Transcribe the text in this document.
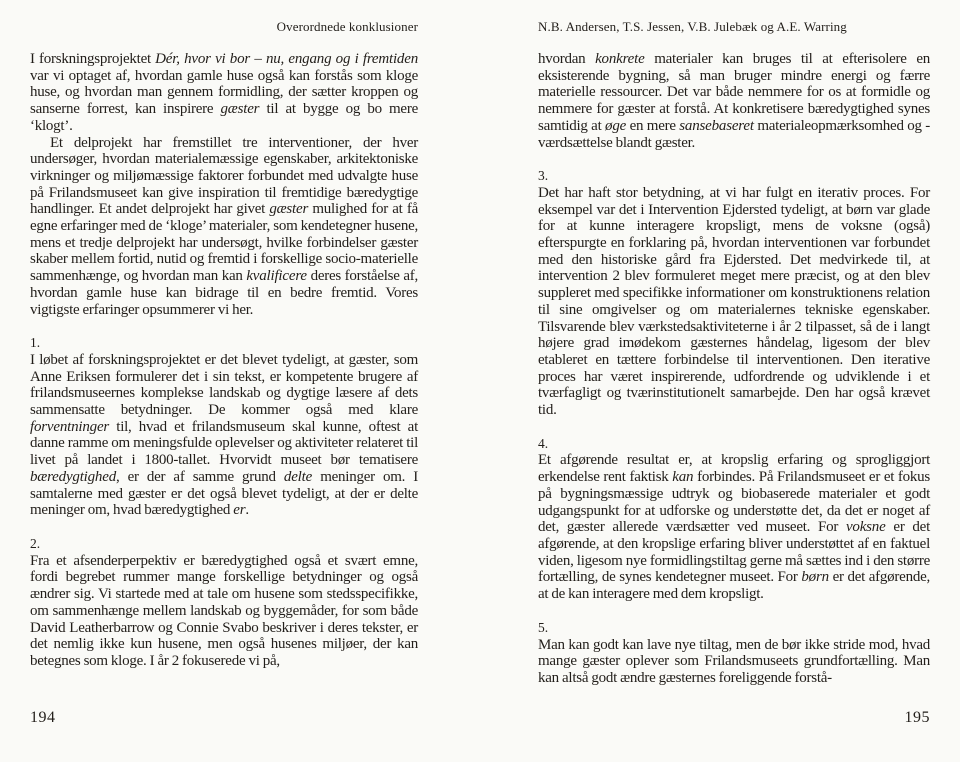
Overordnede konklusioner	N.B. Andersen, T.S. Jessen, V.B. Julebæk og A.E. Warring

I forskningsprojektet Dér, hvor vi bor – nu, engang og i fremtiden var vi optaget af, hvordan gamle huse også kan forstås som kloge huse, og hvordan man gennem formidling, der sætter kroppen og sanserne forrest, kan inspirere gæster til at bygge og bo mere ‘klogt’.

Et delprojekt har fremstillet tre interventioner, der hver undersøger, hvordan materialemæssige egenskaber, arkitektoniske virkninger og miljømæssige faktorer forbundet med udvalgte huse på Frilandsmuseet kan give inspiration til fremtidige bæredygtige handlinger. Et andet delprojekt har givet gæster mulighed for at få egne erfaringer med de ‘kloge’ materialer, som kendetegner husene, mens et tredje delprojekt har undersøgt, hvilke forbindelser gæster skaber mellem fortid, nutid og fremtid i forskellige socio-materielle sammenhænge, og hvordan man kan kvalificere deres forståelse af, hvordan gamle huse kan bidrage til en bedre fremtid. Vores vigtigste erfaringer opsummerer vi her.

1.

I løbet af forskningsprojektet er det blevet tydeligt, at gæster, som Anne Eriksen formulerer det i sin tekst, er kompetente brugere af frilandsmuseernes komplekse landskab og dygtige læsere af dets sammensatte betydninger. De kommer også med klare forventninger til, hvad et frilandsmuseum skal kunne, oftest at danne ramme om meningsfulde oplevelser og aktiviteter relateret til livet på landet i 1800-tallet. Hvorvidt museet bør tematisere bæredygtighed, er der af samme grund delte meninger om. I samtalerne med gæster er det også blevet tydeligt, at der er delte meninger om, hvad bæredygtighed er.

2.

Fra et afsenderperpektiv er bæredygtighed også et svært emne, fordi begrebet rummer mange forskellige betydninger og også ændrer sig. Vi startede med at tale om husene som stedsspecifikke, om sammenhænge mellem landskab og byggemåder, for som både David Leatherbarrow og Connie Svabo beskriver i deres tekster, er det nemlig ikke kun husene, men også husenes miljøer, der kan betegnes som kloge. I år 2 fokuserede vi på,

hvordan konkrete materialer kan bruges til at efterisolere en eksisterende bygning, så man bruger mindre energi og færre materielle ressourcer. Det var både nemmere for os at formidle og nemmere for gæster at forstå. At konkretisere bæredygtighed synes samtidig at øge en mere sansebaseret materialeopmærksomhed og -værdsættelse blandt gæster.

3.

Det har haft stor betydning, at vi har fulgt en iterativ proces. For eksempel var det i Intervention Ejdersted tydeligt, at børn var glade for at kunne interagere kropsligt, mens de voksne (også) efterspurgte en forklaring på, hvordan interventionen var forbundet med den historiske gård fra Ejdersted. Det medvirkede til, at intervention 2 blev formuleret meget mere præcist, og at den blev suppleret med specifikke informationer om konstruktionens relation til sine omgivelser og om materialernes tekniske egenskaber. Tilsvarende blev værkstedsaktiviteterne i år 2 tilpasset, så de i langt højere grad imødekom gæsternes håndelag, ligesom der blev etableret en tættere forbindelse til interventionen. Den iterative proces har været inspirerende, udfordrende og udviklende i et tværfagligt og tværinstitutionelt samarbejde. Den har også krævet tid.

4.

Et afgørende resultat er, at kropslig erfaring og sprogliggjort erkendelse rent faktisk kan forbindes. På Frilandsmuseet er et fokus på bygningsmæssige udtryk og biobaserede materialer et godt udgangspunkt for at udforske og understøtte det, da det er noget af det, gæster allerede værdsætter ved museet. For voksne er det afgørende, at den kropslige erfaring bliver understøttet af en faktuel viden, ligesom nye formidlingstiltag gerne må sættes ind i den større fortælling, de synes kendetegner museet. For børn er det afgørende, at de kan interagere med dem kropsligt.

5.

Man kan godt kan lave nye tiltag, men de bør ikke stride mod, hvad mange gæster oplever som Frilandsmuseets grundfortælling. Man kan altså godt ændre gæsternes foreliggende forstå-

194	195
